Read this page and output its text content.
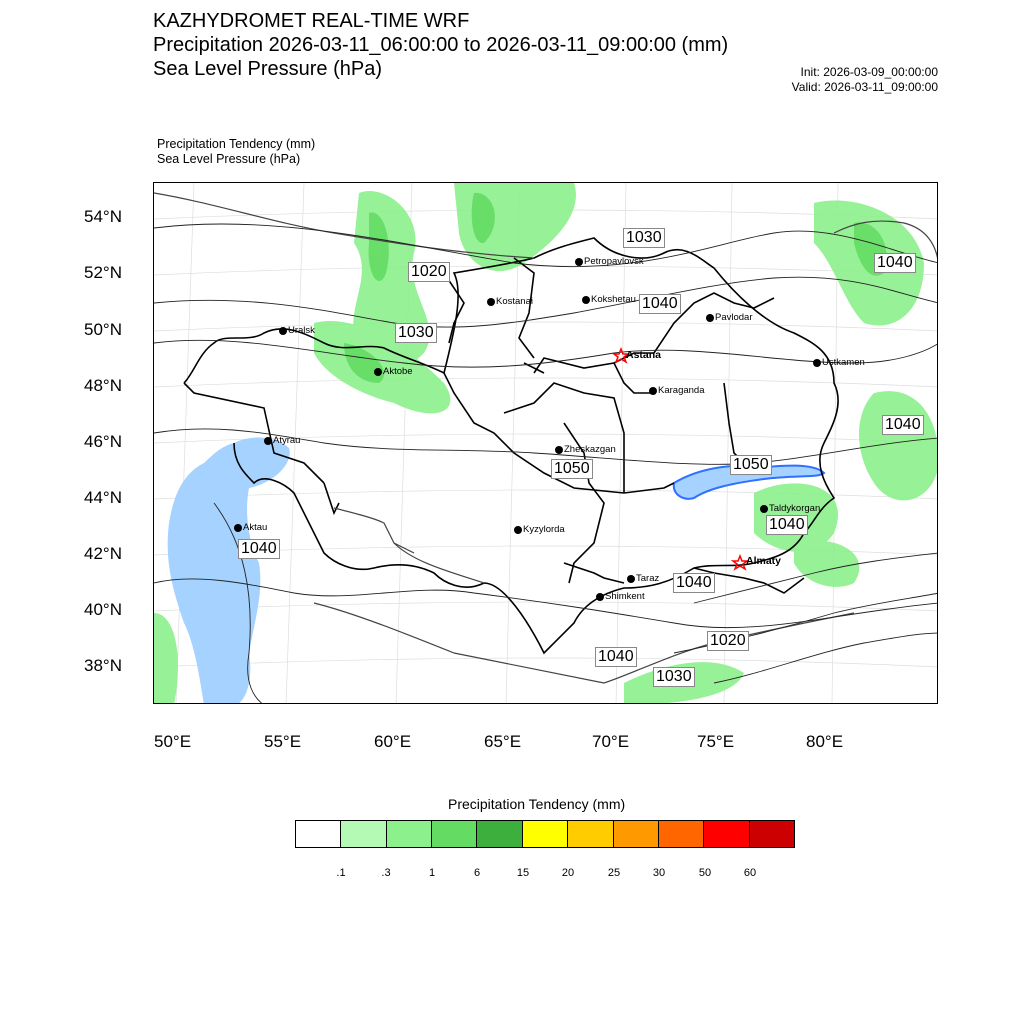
KAZHYDROMET REAL-TIME WRF
Precipitation 2026-03-11_06:00:00 to 2026-03-11_09:00:00 (mm)
Sea Level Pressure (hPa)	Init: 2026-03-09_00:00:00
Valid: 2026-03-11_09:00:00
Precipitation Tendency (mm)
Sea Level Pressure (hPa)
54°N
52°N
50°N
48°N
46°N
44°N
42°N
40°N
38°N
50°E	55°E	60°E	65°E	70°E	75°E	80°E
Petropavlovsk
Kostanai	Kokshetau
Pavlodar
Uralsk
Aktobe
Karaganda
Ustkamen
Atyrau
Zheskazgan
Taldykorgan
Kyzylorda
Aktau
Taraz
Shimkent
Astana
Almaty
1030
1020
1040
1030
1040
1040
1050	1050
1040
1040
1040
1020
1040
1030
Precipitation Tendency (mm)
.1	.3	1	6	15	20	25	30	50	60
